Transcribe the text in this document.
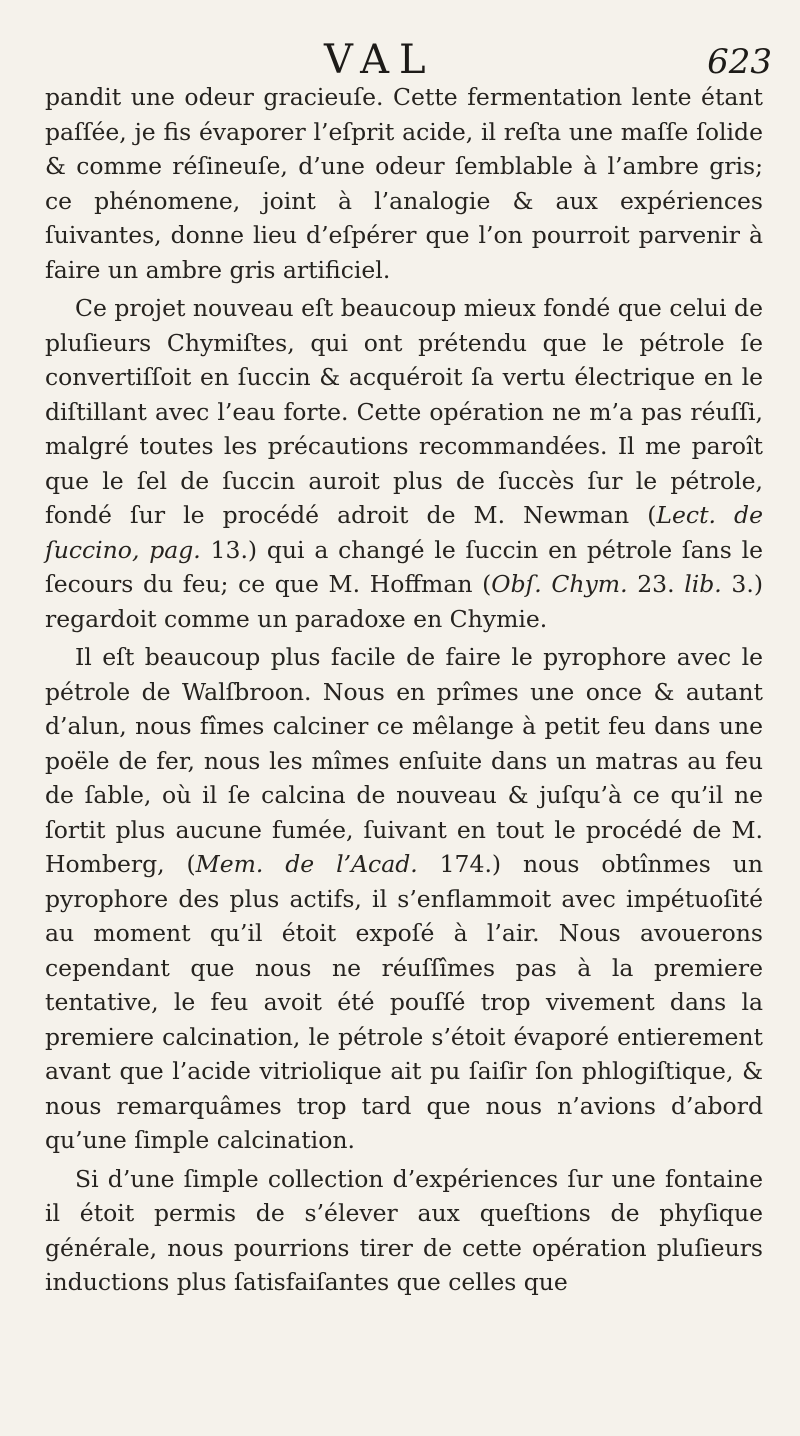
VAL	623

pandit une odeur gracieuſe. Cette fermentation lente étant paſſée, je fis évaporer l’eſprit acide, il reſta une maſſe ſolide & comme réſineuſe, d’une odeur ſemblable à l’ambre gris; ce phénomene, joint à l’analogie & aux expériences ſuivantes, donne lieu d’eſpérer que l’on pourroit parvenir à faire un ambre gris artificiel.

Ce projet nouveau eſt beaucoup mieux fondé que celui de pluſieurs Chymiſtes, qui ont prétendu que le pétrole ſe convertiſſoit en ſuccin & acquéroit ſa vertu électrique en le diſtillant avec l’eau forte. Cette opération ne m’a pas réuſſi, malgré toutes les précautions recommandées. Il me paroît que le ſel de ſuccin auroit plus de ſuccès ſur le pétrole, fondé ſur le procédé adroit de M. Newman (Lect. de ſuccino, pag. 13.) qui a changé le ſuccin en pétrole ſans le ſecours du feu; ce que M. Hoffman (Obſ. Chym. 23. lib. 3.) regardoit comme un paradoxe en Chymie.

Il eſt beaucoup plus facile de faire le pyrophore avec le pétrole de Walſbroon. Nous en prîmes une once & autant d’alun, nous fîmes calciner ce mêlange à petit feu dans une poële de fer, nous les mîmes enſuite dans un matras au feu de ſable, où il ſe calcina de nouveau & juſqu’à ce qu’il ne ſortit plus aucune fumée, ſuivant en tout le procédé de M. Homberg, (Mem. de l’Acad. 174.) nous obtînmes un pyrophore des plus actifs, il s’enflammoit avec impétuoſité au moment qu’il étoit expoſé à l’air. Nous avouerons cependant que nous ne réuſſîmes pas à la premiere tentative, le feu avoit été pouſſé trop vivement dans la premiere calcination, le pétrole s’étoit évaporé entierement avant que l’acide vitriolique ait pu ſaiſir ſon phlogiſtique, & nous remarquâmes trop tard que nous n’avions d’abord qu’une ſimple calcination.

Si d’une ſimple collection d’expériences ſur une fontaine il étoit permis de s’élever aux queſtions de phyſique générale, nous pourrions tirer de cette opération pluſieurs inductions plus ſatisfaiſantes que celles que
